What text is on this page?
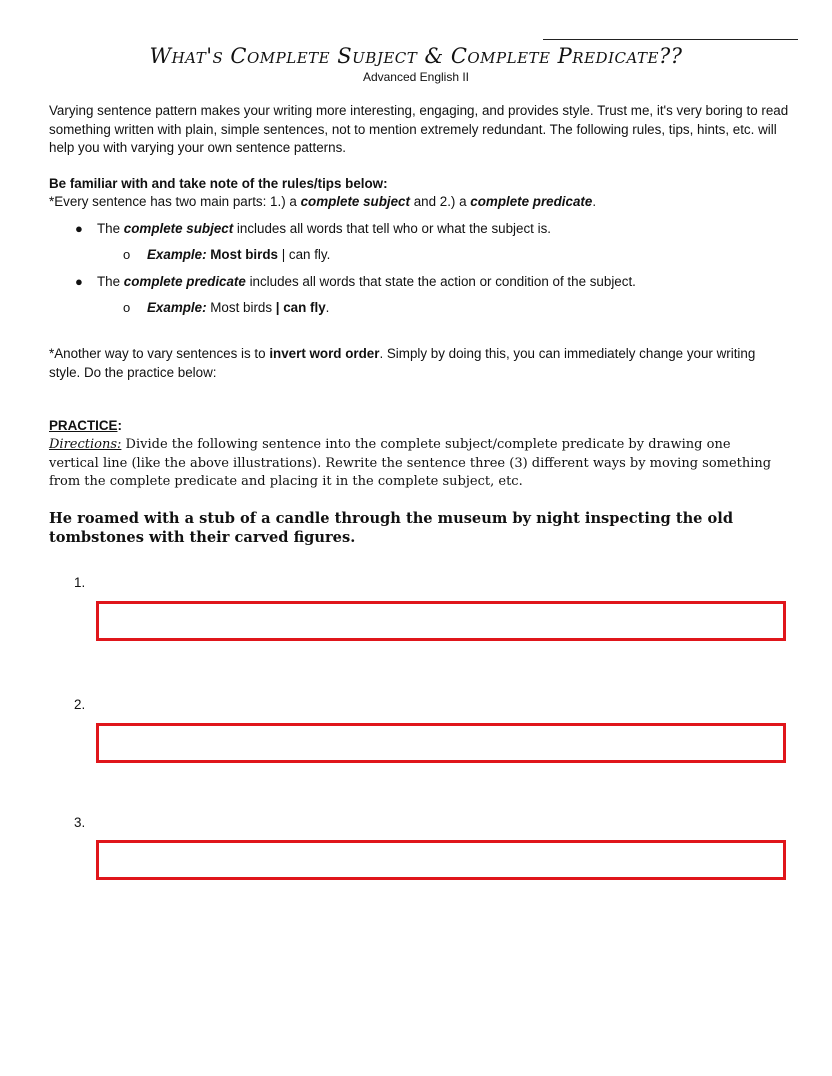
What's Complete Subject & Complete Predicate??
Advanced English II
Varying sentence pattern makes your writing more interesting, engaging, and provides style. Trust me, it's very boring to read something written with plain, simple sentences, not to mention extremely redundant. The following rules, tips, hints, etc. will help you with varying your own sentence patterns.
Be familiar with and take note of the rules/tips below:
*Every sentence has two main parts: 1.) a complete subject and 2.) a complete predicate.
● The complete subject includes all words that tell who or what the subject is.
o Example: Most birds | can fly.
● The complete predicate includes all words that state the action or condition of the subject.
o Example: Most birds | can fly.
*Another way to vary sentences is to invert word order. Simply by doing this, you can immediately change your writing style. Do the practice below:
PRACTICE:
Directions: Divide the following sentence into the complete subject/complete predicate by drawing one vertical line (like the above illustrations). Rewrite the sentence three (3) different ways by moving something from the complete predicate and placing it in the complete subject, etc.
He roamed with a stub of a candle through the museum by night inspecting the old tombstones with their carved figures.
1.
2.
3.
